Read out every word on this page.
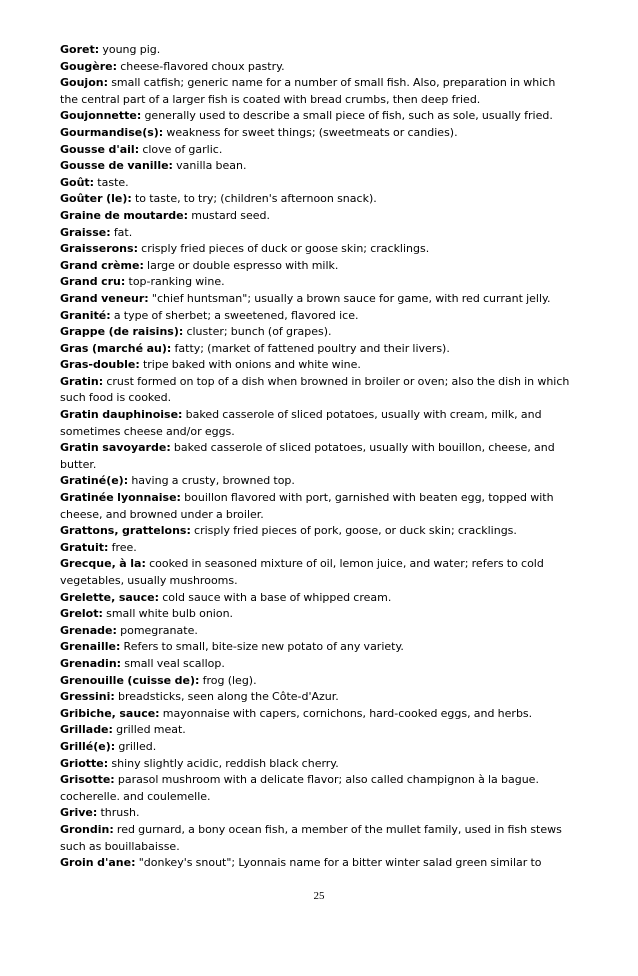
Goret: young pig.

Gougère: cheese-flavored choux pastry.

Goujon: small catfish; generic name for a number of small fish. Also, preparation in which the central part of a larger fish is coated with bread crumbs, then deep fried.

Goujonnette: generally used to describe a small piece of fish, such as sole, usually fried.

Gourmandise(s): weakness for sweet things; (sweetmeats or candies).

Gousse d'ail: clove of garlic.

Gousse de vanille: vanilla bean.

Goût: taste.

Goûter (le): to taste, to try; (children's afternoon snack).

Graine de moutarde: mustard seed.

Graisse: fat.

Graisserons: crisply fried pieces of duck or goose skin; cracklings.

Grand crème: large or double espresso with milk.

Grand cru: top-ranking wine.

Grand veneur: "chief huntsman"; usually a brown sauce for game, with red currant jelly.

Granité: a type of sherbet; a sweetened, flavored ice.

Grappe (de raisins): cluster; bunch (of grapes).

Gras (marché au): fatty; (market of fattened poultry and their livers).

Gras-double: tripe baked with onions and white wine.

Gratin: crust formed on top of a dish when browned in broiler or oven; also the dish in which such food is cooked.

Gratin dauphinoise: baked casserole of sliced potatoes, usually with cream, milk, and sometimes cheese and/or eggs.

Gratin savoyarde: baked casserole of sliced potatoes, usually with bouillon, cheese, and butter.

Gratiné(e): having a crusty, browned top.

Gratinée lyonnaise: bouillon flavored with port, garnished with beaten egg, topped with cheese, and browned under a broiler.

Grattons, grattelons: crisply fried pieces of pork, goose, or duck skin; cracklings.

Gratuit: free.

Grecque, à la: cooked in seasoned mixture of oil, lemon juice, and water; refers to cold vegetables, usually mushrooms.

Grelette, sauce: cold sauce with a base of whipped cream.

Grelot: small white bulb onion.

Grenade: pomegranate.

Grenaille: Refers to small, bite-size new potato of any variety.

Grenadin: small veal scallop.

Grenouille (cuisse de): frog (leg).

Gressini: breadsticks, seen along the Côte-d'Azur.

Gribiche, sauce: mayonnaise with capers, cornichons, hard-cooked eggs, and herbs.

Grillade: grilled meat.

Grillé(e): grilled.

Griotte: shiny slightly acidic, reddish black cherry.

Grisotte: parasol mushroom with a delicate flavor; also called champignon à la bague. cocherelle. and coulemelle.

Grive: thrush.

Grondin: red gurnard, a bony ocean fish, a member of the mullet family, used in fish stews such as bouillabaisse.

Groin d'ane: "donkey's snout"; Lyonnais name for a bitter winter salad green similar to

25
